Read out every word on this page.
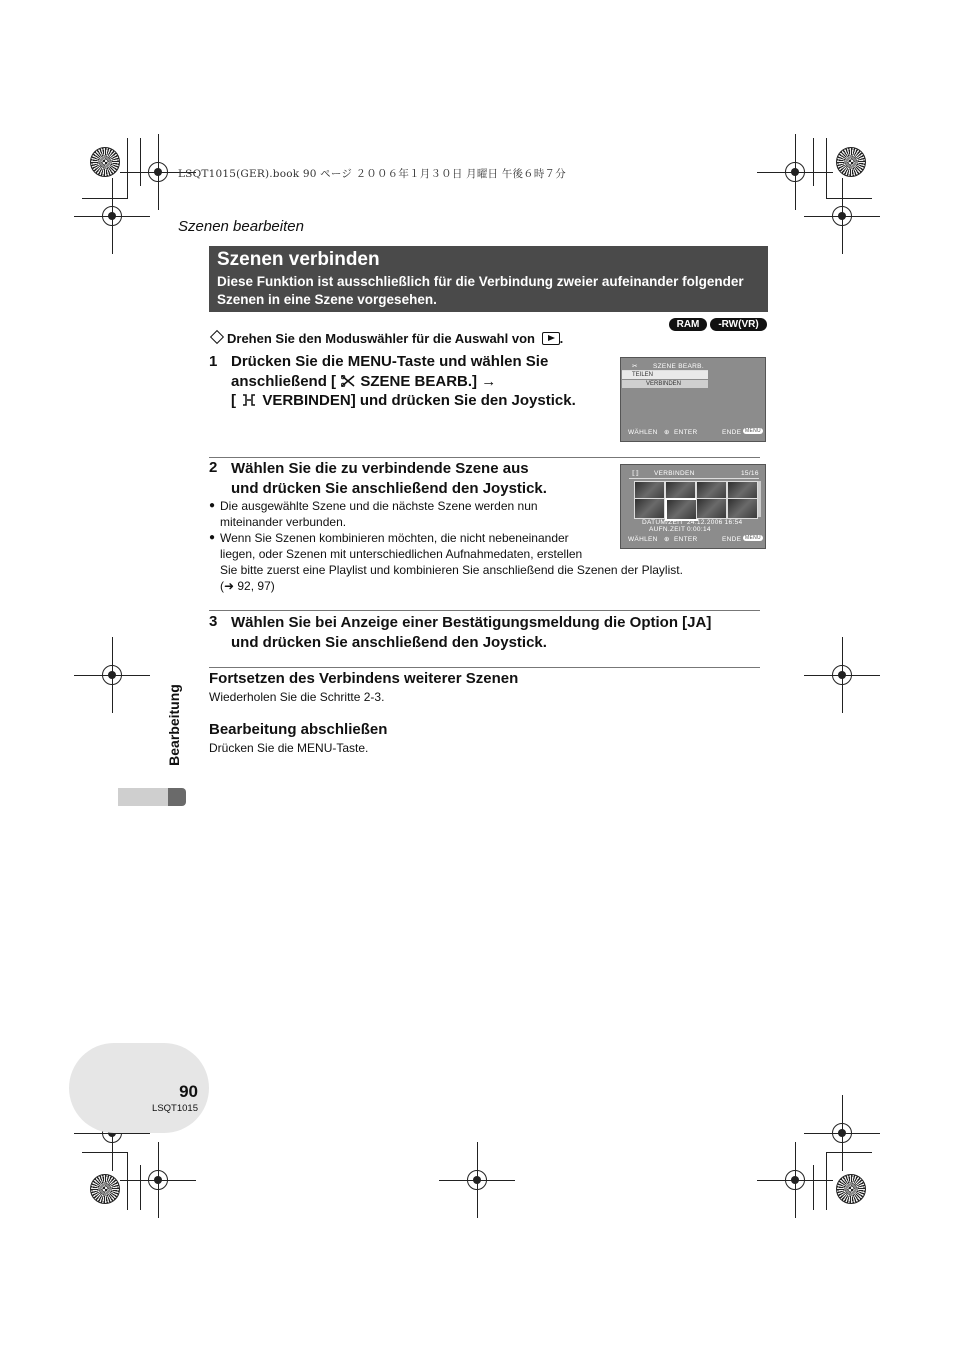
LSQT1015(GER).book 90 ページ ２００６年１月３０日 月曜日 午後６時７分
Szenen bearbeiten
Szenen verbinden
Diese Funktion ist ausschließlich für die Verbindung zweier aufeinander folgender Szenen in eine Szene vorgesehen.
RAM	-RW(VR)
Drehen Sie den Moduswähler für die Auswahl von .
1 Drücken Sie die MENU-Taste und wählen Sie
anschließend [ SZENE BEARB.] →
[ VERBINDEN] und drücken Sie den Joystick.
✂ SZENE BEARB.
TEILEN
VERBINDEN
WÄHLEN ⊕ ENTER	ENDE MENU
2 Wählen Sie die zu verbindende Szene aus
und drücken Sie anschließend den Joystick.
● Die ausgewählte Szene und die nächste Szene werden nun
miteinander verbunden.
● Wenn Sie Szenen kombinieren möchten, die nicht nebeneinander
liegen, oder Szenen mit unterschiedlichen Aufnahmedaten, erstellen
Sie bitte zuerst eine Playlist und kombinieren Sie anschließend die Szenen der Playlist.
(➜ 92, 97)
⟦⟧ VERBINDEN	15/16
DATUM/ZEIT 24.12.2006 16:54
AUFN.ZEIT 0:00:14
WÄHLEN ⊕ ENTER	ENDE MENU
3 Wählen Sie bei Anzeige einer Bestätigungsmeldung die Option [JA]
und drücken Sie anschließend den Joystick.
Fortsetzen des Verbindens weiterer Szenen
Wiederholen Sie die Schritte 2-3.
Bearbeitung abschließen
Drücken Sie die MENU-Taste.
Bearbeitung
90
LSQT1015
